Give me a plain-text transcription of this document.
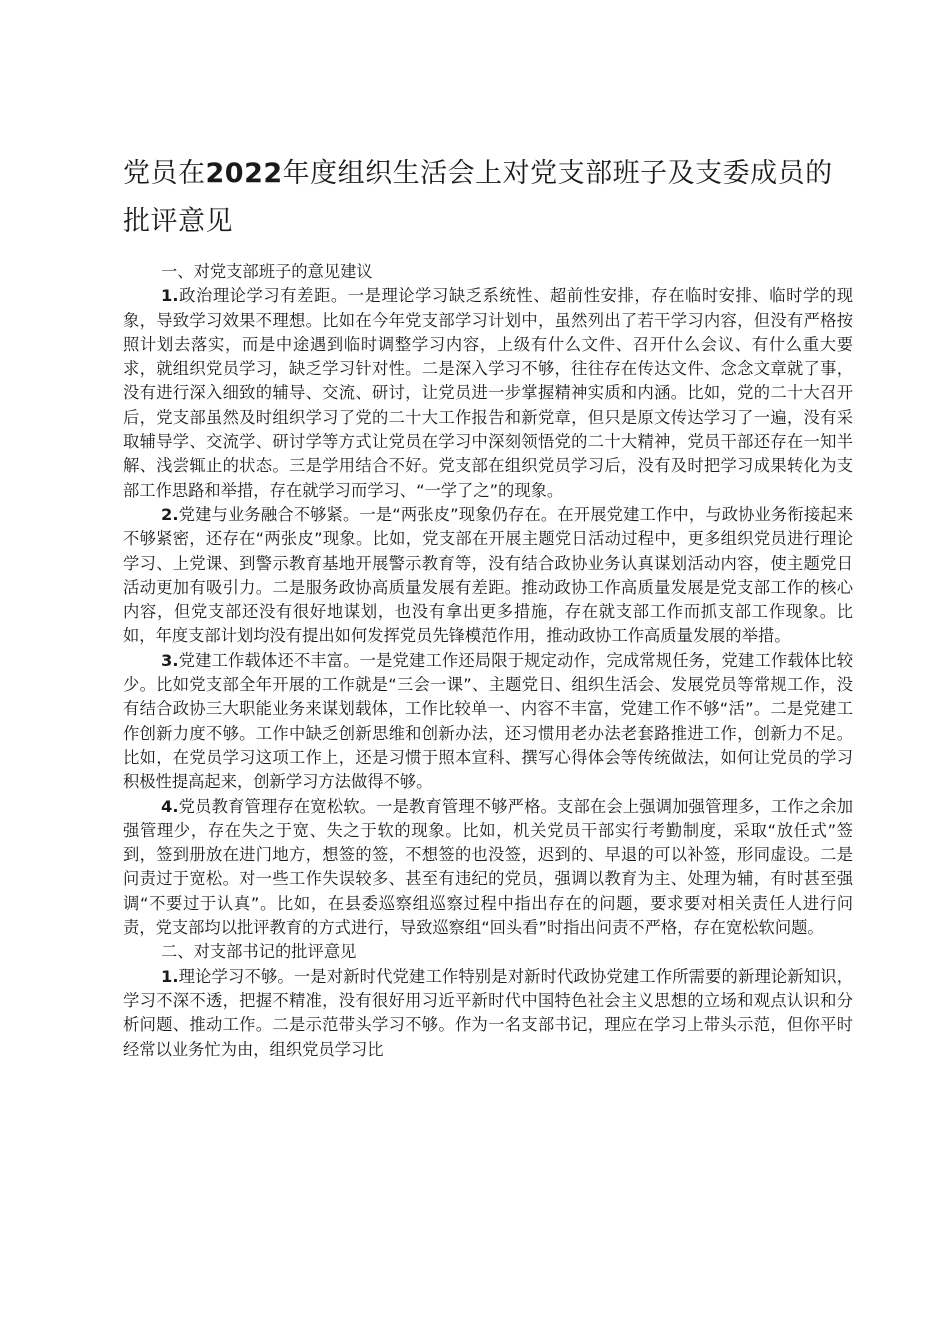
党员在2022年度组织生活会上对党支部班子及支委成员的批评意见

一、对党支部班子的意见建议

1.政治理论学习有差距。一是理论学习缺乏系统性、超前性安排，存在临时安排、临时学的现象，导致学习效果不理想。比如在今年党支部学习计划中，虽然列出了若干学习内容，但没有严格按照计划去落实，而是中途遇到临时调整学习内容，上级有什么文件、召开什么会议、有什么重大要求，就组织党员学习，缺乏学习针对性。二是深入学习不够，往往存在传达文件、念念文章就了事，没有进行深入细致的辅导、交流、研讨，让党员进一步掌握精神实质和内涵。比如，党的二十大召开后，党支部虽然及时组织学习了党的二十大工作报告和新党章，但只是原文传达学习了一遍，没有采取辅导学、交流学、研讨学等方式让党员在学习中深刻领悟党的二十大精神，党员干部还存在一知半解、浅尝辄止的状态。三是学用结合不好。党支部在组织党员学习后，没有及时把学习成果转化为支部工作思路和举措，存在就学习而学习、“一学了之”的现象。

2.党建与业务融合不够紧。一是“两张皮”现象仍存在。在开展党建工作中，与政协业务衔接起来不够紧密，还存在“两张皮”现象。比如，党支部在开展主题党日活动过程中，更多组织党员进行理论学习、上党课、到警示教育基地开展警示教育等，没有结合政协业务认真谋划活动内容，使主题党日活动更加有吸引力。二是服务政协高质量发展有差距。推动政协工作高质量发展是党支部工作的核心内容，但党支部还没有很好地谋划，也没有拿出更多措施，存在就支部工作而抓支部工作现象。比如，年度支部计划均没有提出如何发挥党员先锋模范作用，推动政协工作高质量发展的举措。

3.党建工作载体还不丰富。一是党建工作还局限于规定动作，完成常规任务，党建工作载体比较少。比如党支部全年开展的工作就是“三会一课”、主题党日、组织生活会、发展党员等常规工作，没有结合政协三大职能业务来谋划载体，工作比较单一、内容不丰富，党建工作不够“活”。二是党建工作创新力度不够。工作中缺乏创新思维和创新办法，还习惯用老办法老套路推进工作，创新力不足。比如，在党员学习这项工作上，还是习惯于照本宣科、撰写心得体会等传统做法，如何让党员的学习积极性提高起来，创新学习方法做得不够。

4.党员教育管理存在宽松软。一是教育管理不够严格。支部在会上强调加强管理多，工作之余加强管理少，存在失之于宽、失之于软的现象。比如，机关党员干部实行考勤制度，采取“放任式”签到，签到册放在进门地方，想签的签，不想签的也没签，迟到的、早退的可以补签，形同虚设。二是问责过于宽松。对一些工作失误较多、甚至有违纪的党员，强调以教育为主、处理为辅，有时甚至强调“不要过于认真”。比如，在县委巡察组巡察过程中指出存在的问题，要求要对相关责任人进行问责，党支部均以批评教育的方式进行，导致巡察组“回头看”时指出问责不严格，存在宽松软问题。

二、对支部书记的批评意见

1.理论学习不够。一是对新时代党建工作特别是对新时代政协党建工作所需要的新理论新知识，学习不深不透，把握不精准，没有很好用习近平新时代中国特色社会主义思想的立场和观点认识和分析问题、推动工作。二是示范带头学习不够。作为一名支部书记，理应在学习上带头示范，但你平时经常以业务忙为由，组织党员学习比
